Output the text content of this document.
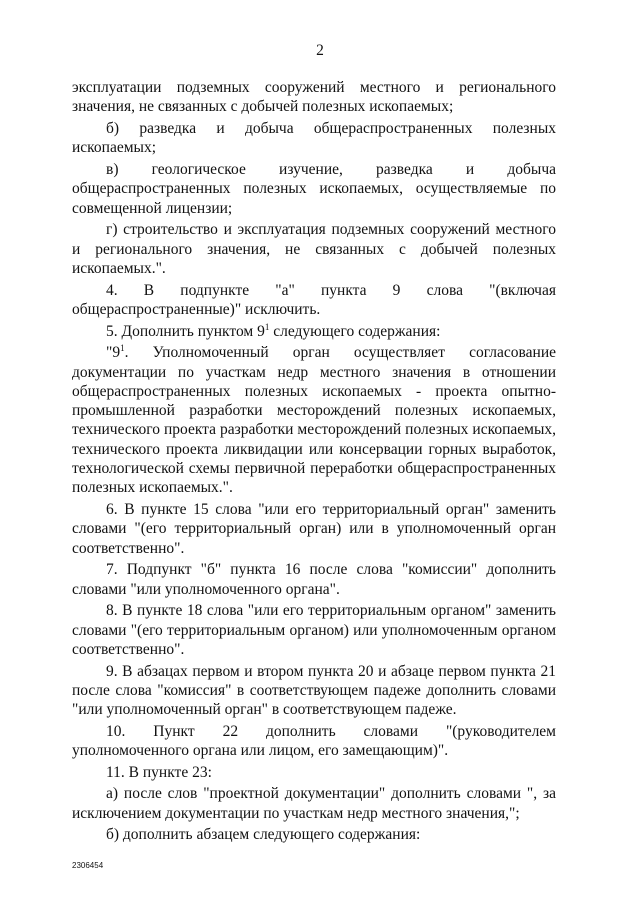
2

эксплуатации подземных сооружений местного и регионального значения, не связанных с добычей полезных ископаемых;

б) разведка и добыча общераспространенных полезных ископаемых;

в) геологическое изучение, разведка и добыча общераспространенных полезных ископаемых, осуществляемые по совмещенной лицензии;

г) строительство и эксплуатация подземных сооружений местного и регионального значения, не связанных с добычей полезных ископаемых.".

4. В подпункте "а" пункта 9 слова "(включая общераспространенные)" исключить.

5. Дополнить пунктом $9^1$ следующего содержания:

"$9^1$. Уполномоченный орган осуществляет согласование документации по участкам недр местного значения в отношении общераспространенных полезных ископаемых - проекта опытно-промышленной разработки месторождений полезных ископаемых, технического проекта разработки месторождений полезных ископаемых, технического проекта ликвидации или консервации горных выработок, технологической схемы первичной переработки общераспространенных полезных ископаемых.".

6. В пункте 15 слова "или его территориальный орган" заменить словами "(его территориальный орган) или в уполномоченный орган соответственно".

7. Подпункт "б" пункта 16 после слова "комиссии" дополнить словами "или уполномоченного органа".

8. В пункте 18 слова "или его территориальным органом" заменить словами "(его территориальным органом) или уполномоченным органом соответственно".

9. В абзацах первом и втором пункта 20 и абзаце первом пункта 21 после слова "комиссия" в соответствующем падеже дополнить словами "или уполномоченный орган" в соответствующем падеже.

10. Пункт 22 дополнить словами "(руководителем уполномоченного органа или лицом, его замещающим)".

11. В пункте 23:

а) после слов "проектной документации" дополнить словами ", за исключением документации по участкам недр местного значения,";

б) дополнить абзацем следующего содержания:

2306454
